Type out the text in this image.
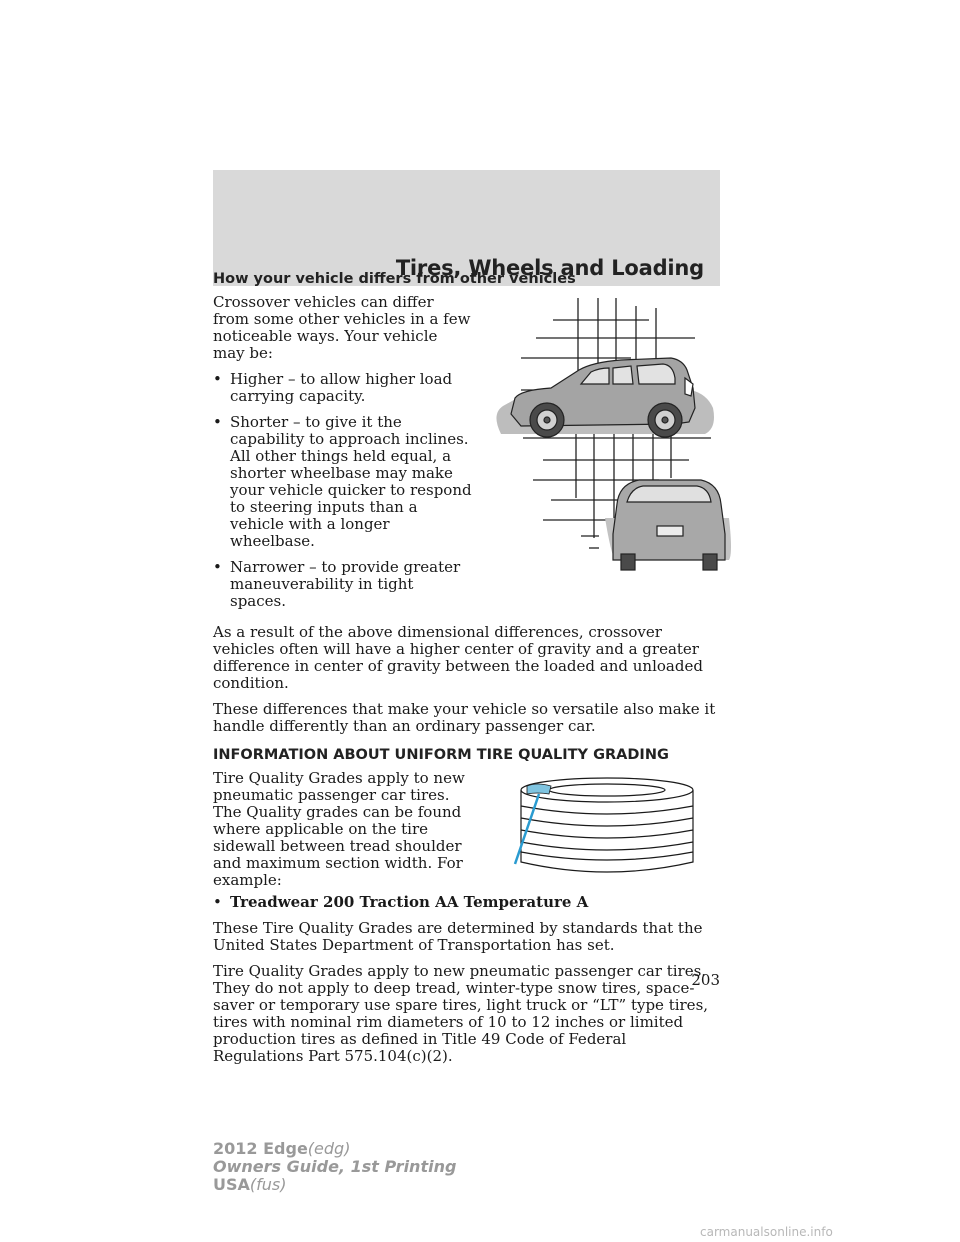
Tires, Wheels and Loading
How your vehicle differs from other vehicles

Crossover vehicles can differ from some other vehicles in a few noticeable ways. Your vehicle may be:

• Higher – to allow higher load carrying capacity.
• Shorter – to give it the capability to approach inclines. All other things held equal, a shorter wheelbase may make your vehicle quicker to respond to steering inputs than a vehicle with a longer wheelbase.
• Narrower – to provide greater maneuverability in tight spaces.

As a result of the above dimensional differences, crossover vehicles often will have a higher center of gravity and a greater difference in center of gravity between the loaded and unloaded condition.

These differences that make your vehicle so versatile also make it handle differently than an ordinary passenger car.

INFORMATION ABOUT UNIFORM TIRE QUALITY GRADING

Tire Quality Grades apply to new pneumatic passenger car tires. The Quality grades can be found where applicable on the tire sidewall between tread shoulder and maximum section width. For example:

• Treadwear 200 Traction AA Temperature A

These Tire Quality Grades are determined by standards that the United States Department of Transportation has set.

Tire Quality Grades apply to new pneumatic passenger car tires. They do not apply to deep tread, winter-type snow tires, space-saver or temporary use spare tires, light truck or “LT” type tires, tires with nominal rim diameters of 10 to 12 inches or limited production tires as defined in Title 49 Code of Federal Regulations Part 575.104(c)(2).

203

2012 Edge(edg)
Owners Guide, 1st Printing
USA(fus)

carmanualsonline.info
